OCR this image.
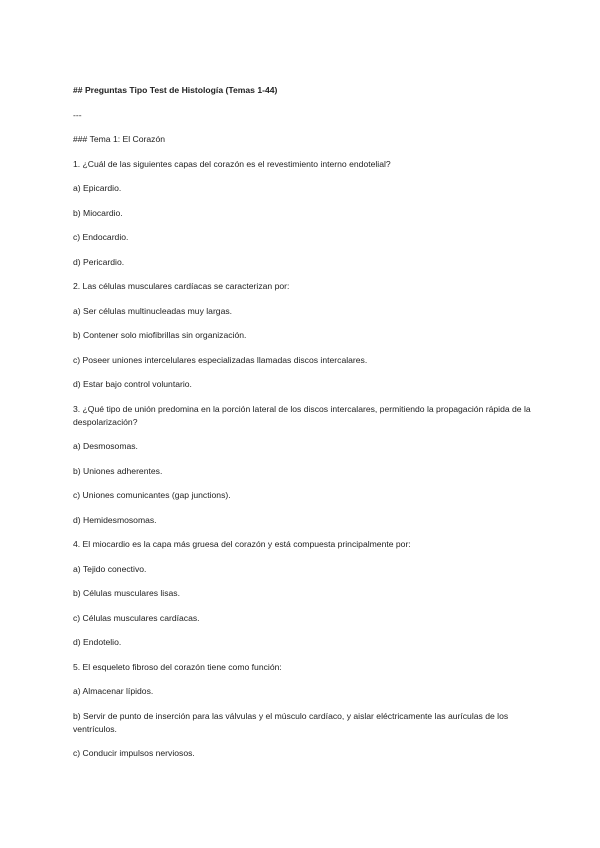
## Preguntas Tipo Test de Histología (Temas 1-44)

---

### Tema 1: El Corazón

1. ¿Cuál de las siguientes capas del corazón es el revestimiento interno endotelial?

a) Epicardio.

b) Miocardio.

c) Endocardio.

d) Pericardio.

2. Las células musculares cardíacas se caracterizan por:

a) Ser células multinucleadas muy largas.

b) Contener solo miofibrillas sin organización.

c) Poseer uniones intercelulares especializadas llamadas discos intercalares.

d) Estar bajo control voluntario.

3. ¿Qué tipo de unión predomina en la porción lateral de los discos intercalares, permitiendo la propagación rápida de la despolarización?

a) Desmosomas.

b) Uniones adherentes.

c) Uniones comunicantes (gap junctions).

d) Hemidesmosomas.

4. El miocardio es la capa más gruesa del corazón y está compuesta principalmente por:

a) Tejido conectivo.

b) Células musculares lisas.

c) Células musculares cardíacas.

d) Endotelio.

5. El esqueleto fibroso del corazón tiene como función:

a) Almacenar lípidos.

b) Servir de punto de inserción para las válvulas y el músculo cardíaco, y aislar eléctricamente las aurículas de los ventrículos.

c) Conducir impulsos nerviosos.
